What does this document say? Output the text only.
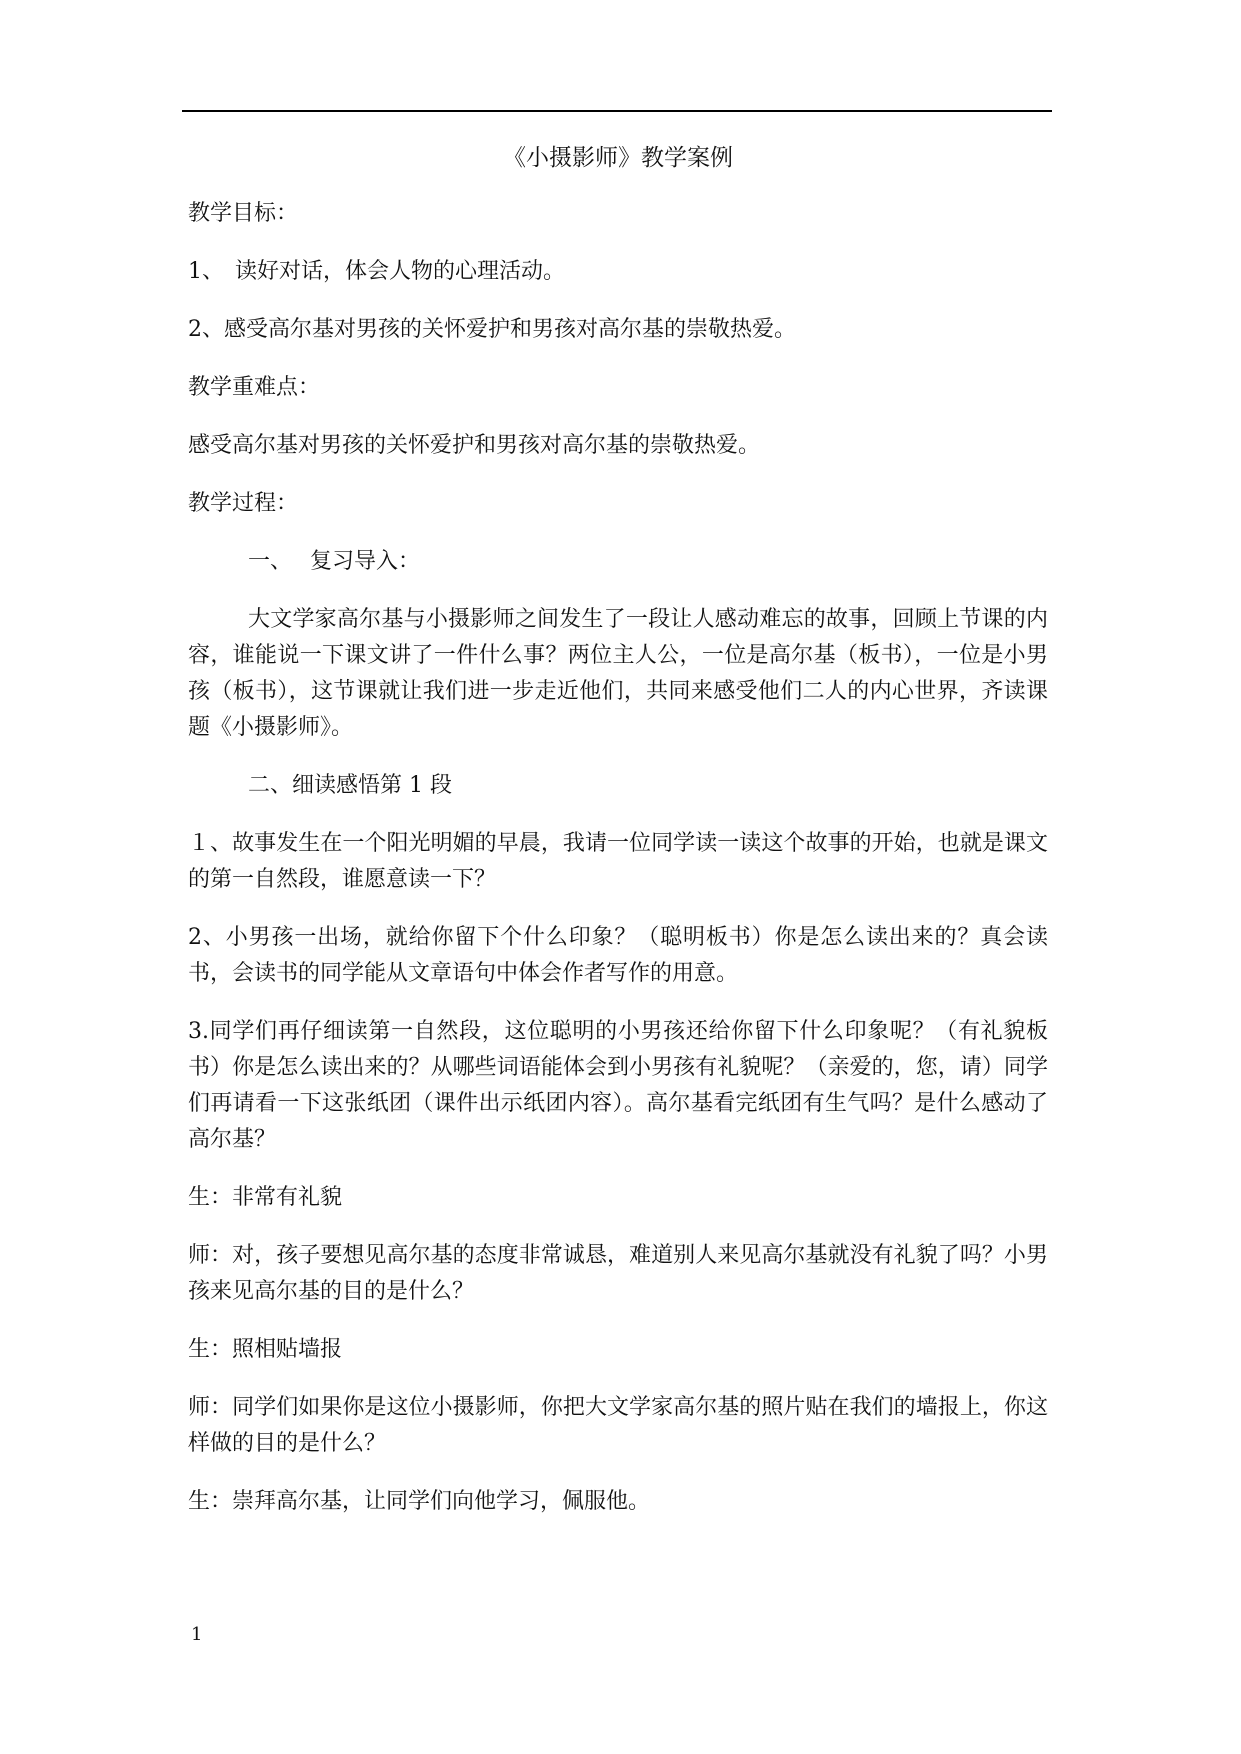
《小摄影师》教学案例
教学目标：
1、　读好对话，体会人物的心理活动。
2、感受高尔基对男孩的关怀爱护和男孩对高尔基的崇敬热爱。
教学重难点：
感受高尔基对男孩的关怀爱护和男孩对高尔基的崇敬热爱。
教学过程：
一、　 复习导入：
大文学家高尔基与小摄影师之间发生了一段让人感动难忘的故事，回顾上节课的内容，谁能说一下课文讲了一件什么事？两位主人公，一位是高尔基（板书），一位是小男孩（板书），这节课就让我们进一步走近他们，共同来感受他们二人的内心世界，齐读课题《小摄影师》。
二、细读感悟第 1 段
１、故事发生在一个阳光明媚的早晨，我请一位同学读一读这个故事的开始，也就是课文的第一自然段，谁愿意读一下？
2、小男孩一出场，就给你留下个什么印象？（聪明板书）你是怎么读出来的？真会读书，会读书的同学能从文章语句中体会作者写作的用意。
3.同学们再仔细读第一自然段，这位聪明的小男孩还给你留下什么印象呢？（有礼貌板书）你是怎么读出来的？从哪些词语能体会到小男孩有礼貌呢？（亲爱的，您，请）同学们再请看一下这张纸团（课件出示纸团内容）。高尔基看完纸团有生气吗？是什么感动了高尔基？
生：非常有礼貌
师：对，孩子要想见高尔基的态度非常诚恳，难道别人来见高尔基就没有礼貌了吗？小男孩来见高尔基的目的是什么？
生：照相贴墙报
师：同学们如果你是这位小摄影师，你把大文学家高尔基的照片贴在我们的墙报上，你这样做的目的是什么？
生：崇拜高尔基，让同学们向他学习，佩服他。
1
